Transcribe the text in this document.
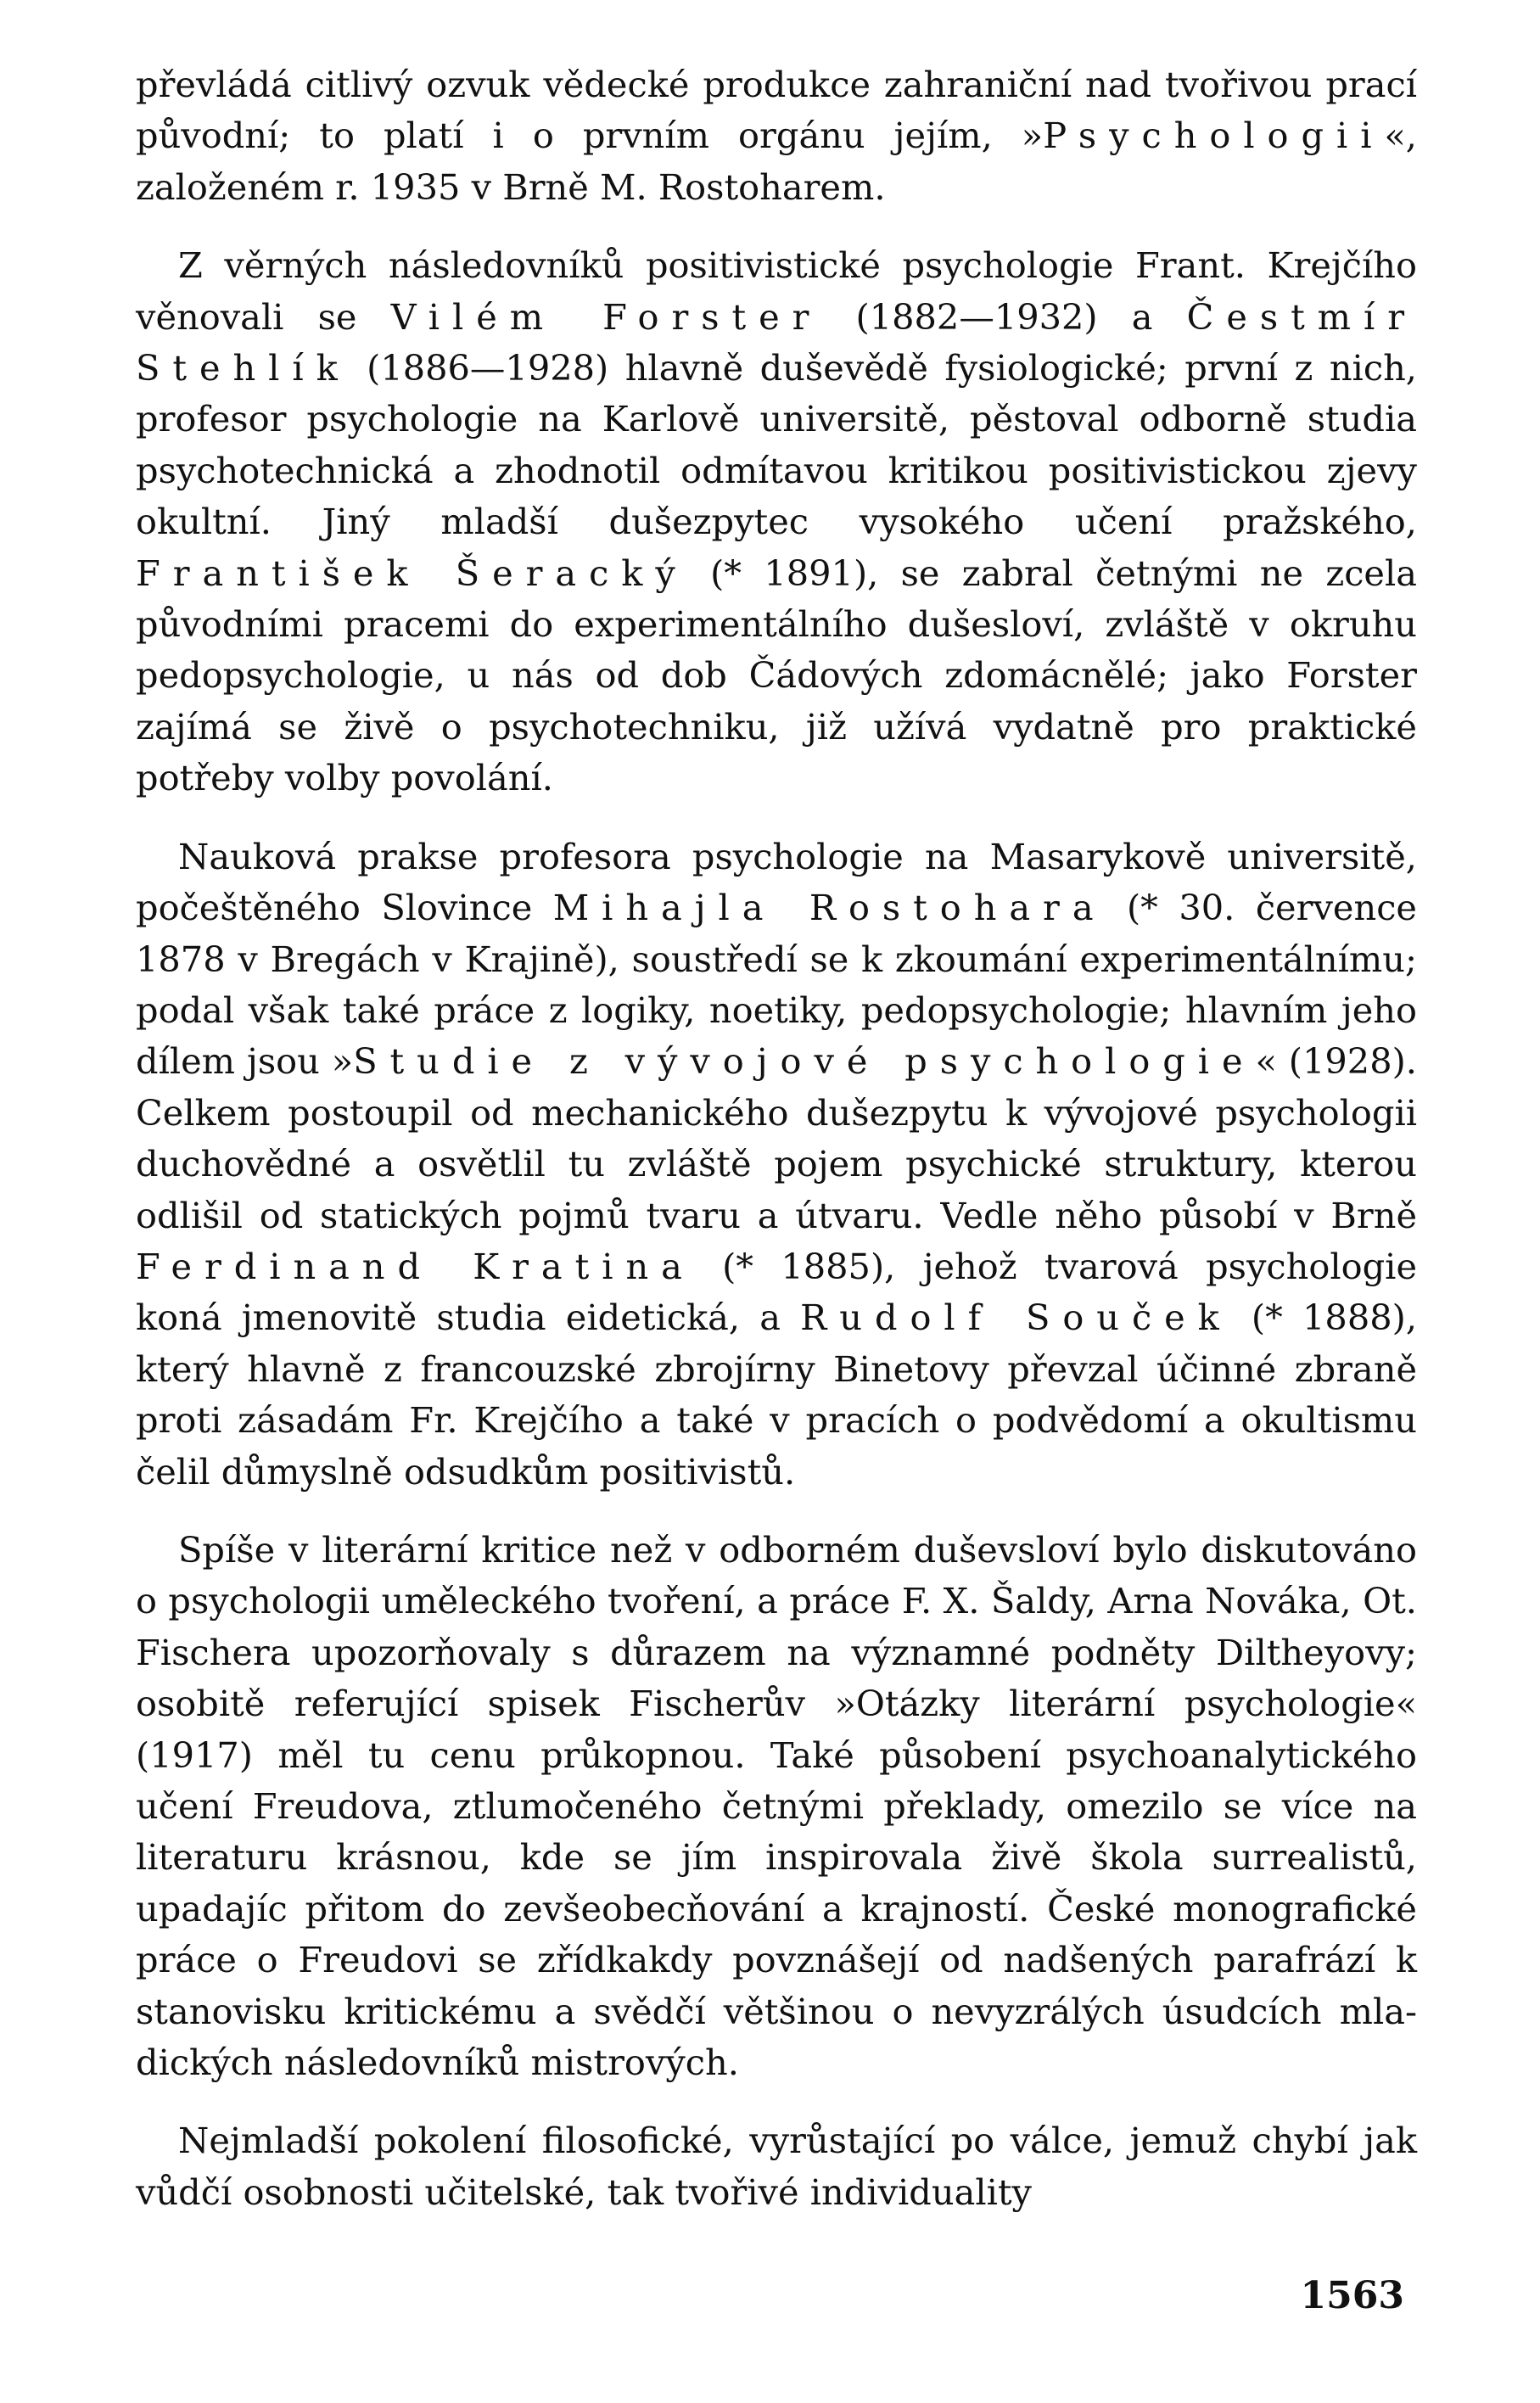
převládá citlivý ozvuk vědecké produkce zahraniční nad tvořivou prací původní; to platí i o prvním orgánu jejím, »Psychologii«, založeném r. 1935 v Brně M. Rostoharem.

Z věrných následovníků positivistické psychologie Frant. Krejčího věnovali se Vilém Forster (1882—1932) a Čestmír Stehlík (1886—1928) hlavně duševědě fysiologické; první z nich, profesor psychologie na Karlově universitě, pěstoval odborně studia psychotechnická a zhodnotil odmítavou kritikou positivistickou zjevy okultní. Jiný mladší dušezpytec vysokého učení pražského, František Šeracký (* 1891), se zabral četnými ne zcela původními pracemi do experimentálního dušesloví, zvláště v okruhu pedopsychologie, u nás od dob Čádových zdomácnělé; jako Forster zajímá se živě o psychotechniku, již užívá vydatně pro praktické potřeby volby povolání.

Nauková prakse profesora psychologie na Masarykově universitě, počeštěného Slovince Mihajla Rostohara (* 30. července 1878 v Bregách v Krajině), soustředí se k zkoumání experimentálnímu; podal však také práce z logiky, noetiky, pedopsychologie; hlavním jeho dílem jsou »Studie z vývojové psychologie« (1928). Celkem postoupil od mechanického dušezpytu k vývojové psychologii duchovědné a osvětlil tu zvláště pojem psychické struktury, kterou odlišil od statických pojmů tvaru a útvaru. Vedle něho působí v Brně Ferdinand Kratina (* 1885), jehož tvarová psychologie koná jmenovitě studia eidetická, a Rudolf Souček (* 1888), který hlavně z francouzské zbrojírny Binetovy převzal účinné zbraně proti zásadám Fr. Krejčího a také v pracích o podvědomí a okultismu čelil důmyslně odsudkům positivistů.

Spíše v literární kritice než v odborném duševsloví bylo diskutováno o psychologii uměleckého tvoření, a práce F. X. Šaldy, Arna Nováka, Ot. Fischera upozorňovaly s důrazem na významné podněty Diltheyovy; osobitě referující spisek Fischerův »Otázky literární psychologie« (1917) měl tu cenu průkopnou. Také působení psychoanalytického učení Freudova, ztlumočeného četnými překlady, omezilo se více na literaturu krásnou, kde se jím inspirovala živě škola surrealistů, upadajíc přitom do zevšeobecňování a krajností. České monografické práce o Freudovi se zřídkakdy povznášejí od nadšených parafrází k stanovisku kritickému a svědčí většinou o nevyzrálých úsudcích mladických následovníků mistrových.

Nejmladší pokolení filosofické, vyrůstající po válce, jemuž chybí jak vůdčí osobnosti učitelské, tak tvořivé individuality

1563
